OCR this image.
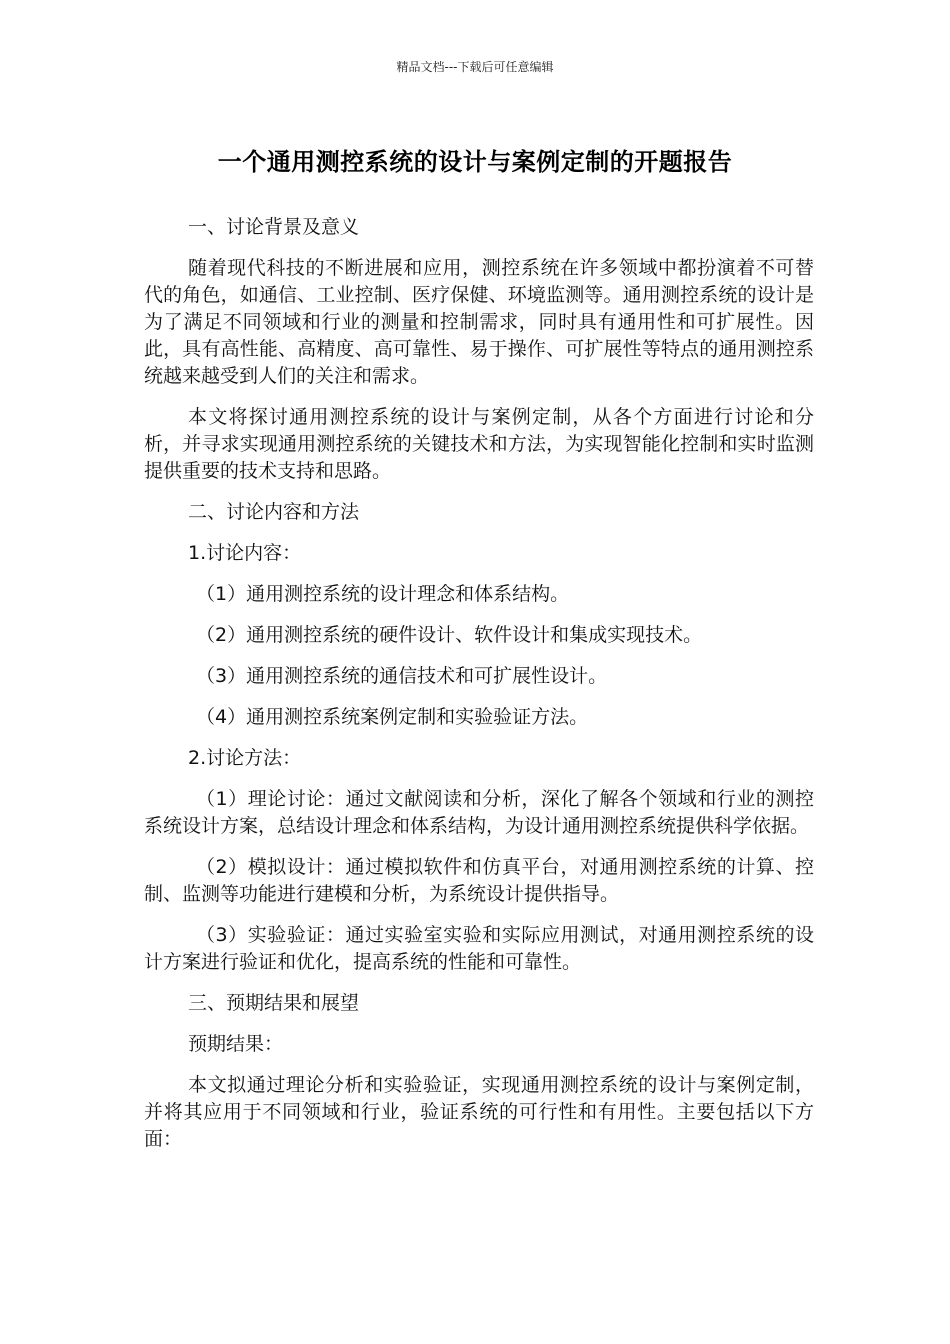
精品文档---下载后可任意编辑
一个通用测控系统的设计与案例定制的开题报告
一、讨论背景及意义
随着现代科技的不断进展和应用，测控系统在许多领域中都扮演着不可替代的角色，如通信、工业控制、医疗保健、环境监测等。通用测控系统的设计是为了满足不同领域和行业的测量和控制需求，同时具有通用性和可扩展性。因此，具有高性能、高精度、高可靠性、易于操作、可扩展性等特点的通用测控系统越来越受到人们的关注和需求。
本文将探讨通用测控系统的设计与案例定制，从各个方面进行讨论和分析，并寻求实现通用测控系统的关键技术和方法，为实现智能化控制和实时监测提供重要的技术支持和思路。
二、讨论内容和方法
1.讨论内容：
（1）通用测控系统的设计理念和体系结构。
（2）通用测控系统的硬件设计、软件设计和集成实现技术。
（3）通用测控系统的通信技术和可扩展性设计。
（4）通用测控系统案例定制和实验验证方法。
2.讨论方法：
（1）理论讨论：通过文献阅读和分析，深化了解各个领域和行业的测控系统设计方案，总结设计理念和体系结构，为设计通用测控系统提供科学依据。
（2）模拟设计：通过模拟软件和仿真平台，对通用测控系统的计算、控制、监测等功能进行建模和分析，为系统设计提供指导。
（3）实验验证：通过实验室实验和实际应用测试，对通用测控系统的设计方案进行验证和优化，提高系统的性能和可靠性。
三、预期结果和展望
预期结果：
本文拟通过理论分析和实验验证，实现通用测控系统的设计与案例定制，并将其应用于不同领域和行业，验证系统的可行性和有用性。主要包括以下方面：
